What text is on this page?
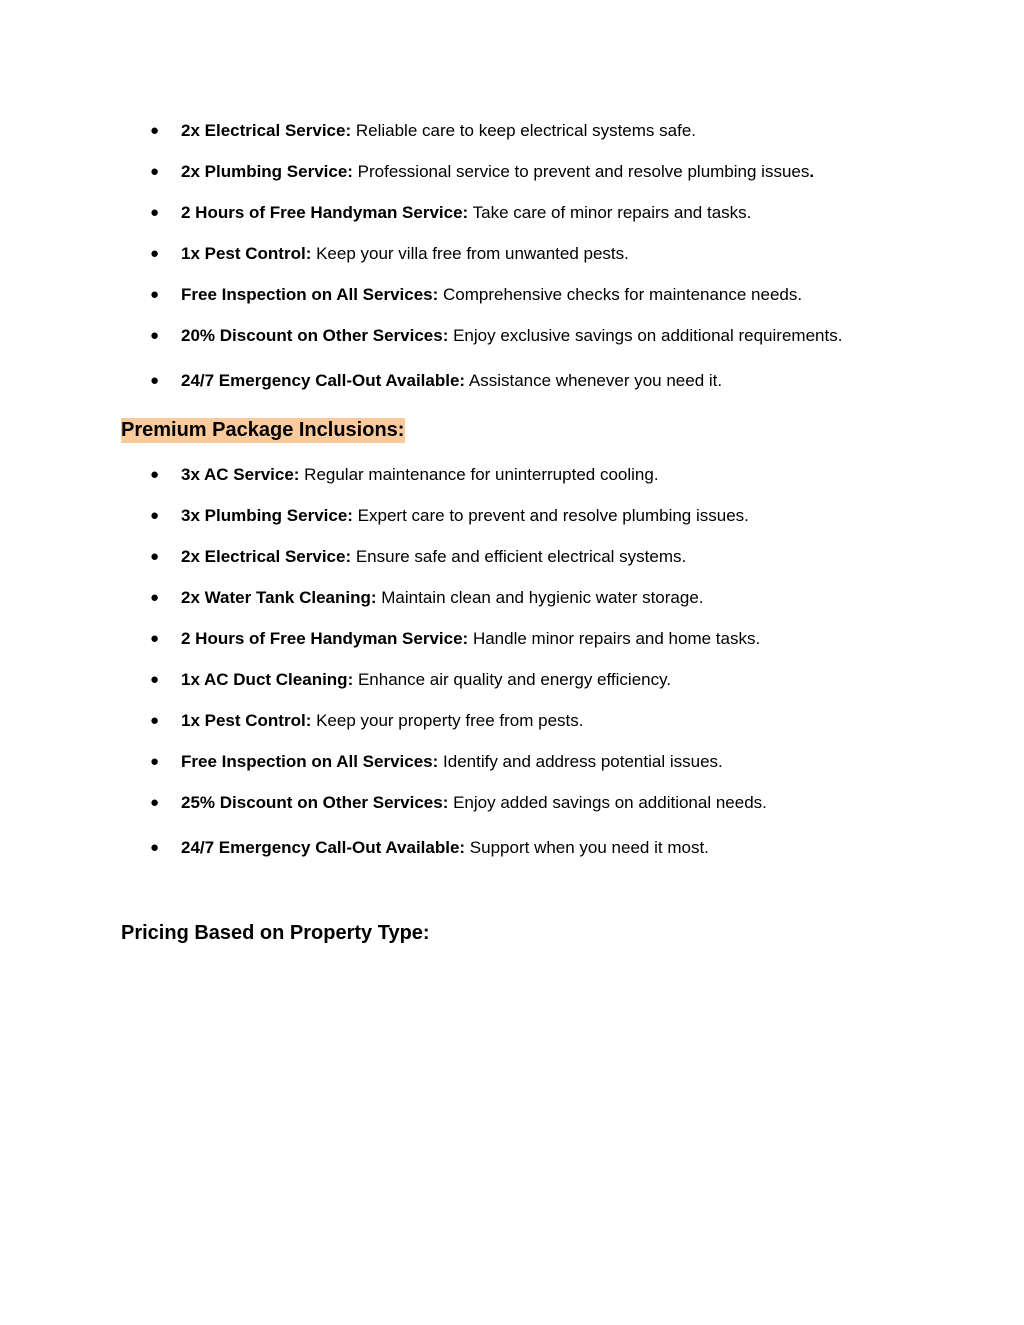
● 2x Electrical Service: Reliable care to keep electrical systems safe.
● 2x Plumbing Service: Professional service to prevent and resolve plumbing issues.
● 2 Hours of Free Handyman Service: Take care of minor repairs and tasks.
● 1x Pest Control: Keep your villa free from unwanted pests.
● Free Inspection on All Services: Comprehensive checks for maintenance needs.
● 20% Discount on Other Services: Enjoy exclusive savings on additional requirements.
● 24/7 Emergency Call-Out Available: Assistance whenever you need it.
Premium Package Inclusions:
● 3x AC Service: Regular maintenance for uninterrupted cooling.
● 3x Plumbing Service: Expert care to prevent and resolve plumbing issues.
● 2x Electrical Service: Ensure safe and efficient electrical systems.
● 2x Water Tank Cleaning: Maintain clean and hygienic water storage.
● 2 Hours of Free Handyman Service: Handle minor repairs and home tasks.
● 1x AC Duct Cleaning: Enhance air quality and energy efficiency.
● 1x Pest Control: Keep your property free from pests.
● Free Inspection on All Services: Identify and address potential issues.
● 25% Discount on Other Services: Enjoy added savings on additional needs.
● 24/7 Emergency Call-Out Available: Support when you need it most.
Pricing Based on Property Type:
